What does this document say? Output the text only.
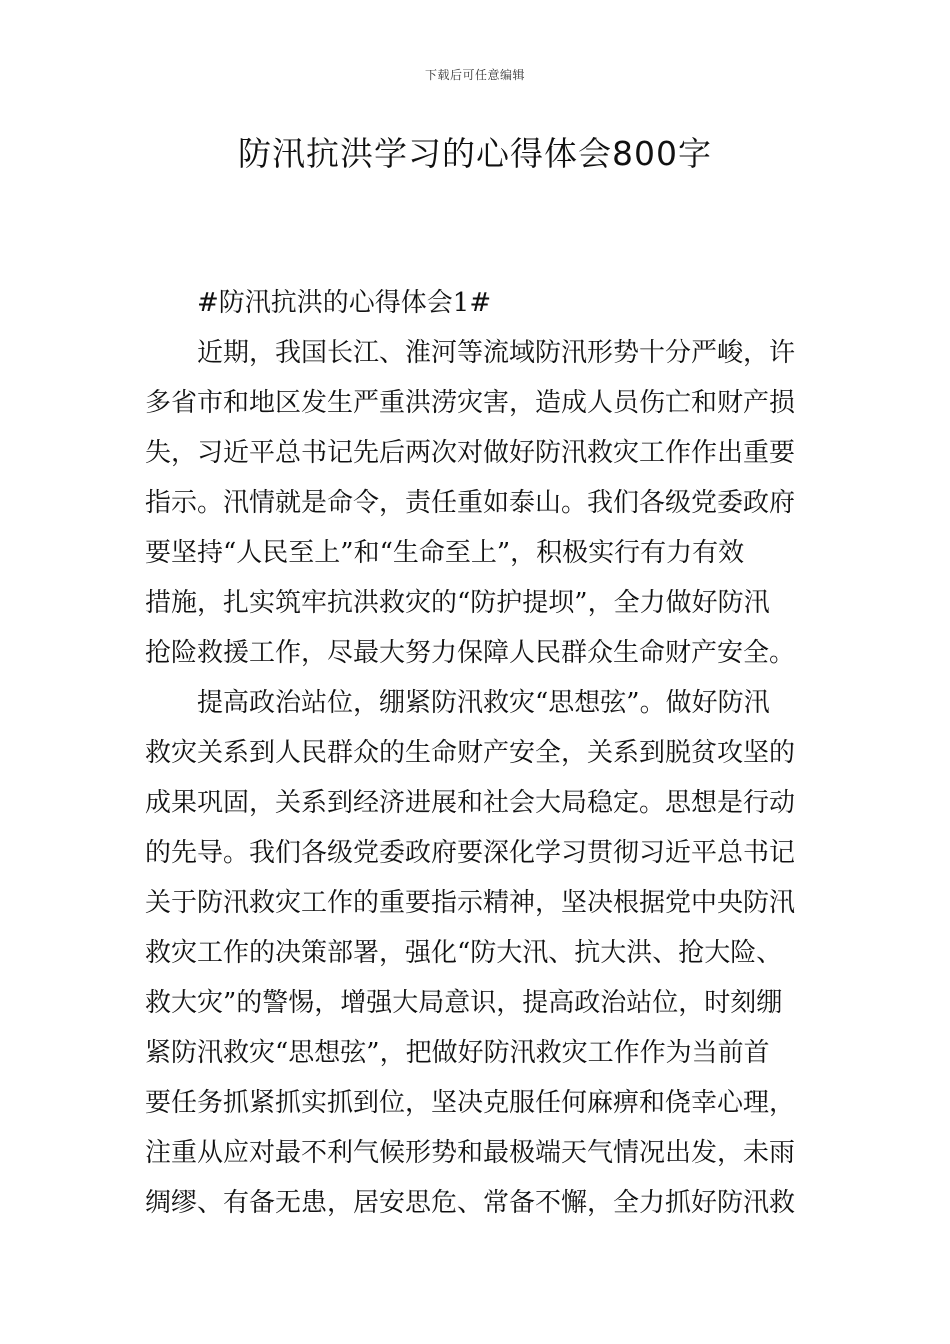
下载后可任意编辑
防汛抗洪学习的心得体会800字
#防汛抗洪的心得体会1#
近期，我国长江、淮河等流域防汛形势十分严峻，许
多省市和地区发生严重洪涝灾害，造成人员伤亡和财产损
失，习近平总书记先后两次对做好防汛救灾工作作出重要
指示。汛情就是命令，责任重如泰山。我们各级党委政府
要坚持“人民至上”和“生命至上”，积极实行有力有效
措施，扎实筑牢抗洪救灾的“防护提坝”，全力做好防汛
抢险救援工作，尽最大努力保障人民群众生命财产安全。
提高政治站位，绷紧防汛救灾“思想弦”。做好防汛
救灾关系到人民群众的生命财产安全，关系到脱贫攻坚的
成果巩固，关系到经济进展和社会大局稳定。思想是行动
的先导。我们各级党委政府要深化学习贯彻习近平总书记
关于防汛救灾工作的重要指示精神，坚决根据党中央防汛
救灾工作的决策部署，强化“防大汛、抗大洪、抢大险、
救大灾”的警惕，增强大局意识，提高政治站位，时刻绷
紧防汛救灾“思想弦”，把做好防汛救灾工作作为当前首
要任务抓紧抓实抓到位，坚决克服任何麻痹和侥幸心理，
注重从应对最不利气候形势和最极端天气情况出发，未雨
绸缪、有备无患，居安思危、常备不懈，全力抓好防汛救
